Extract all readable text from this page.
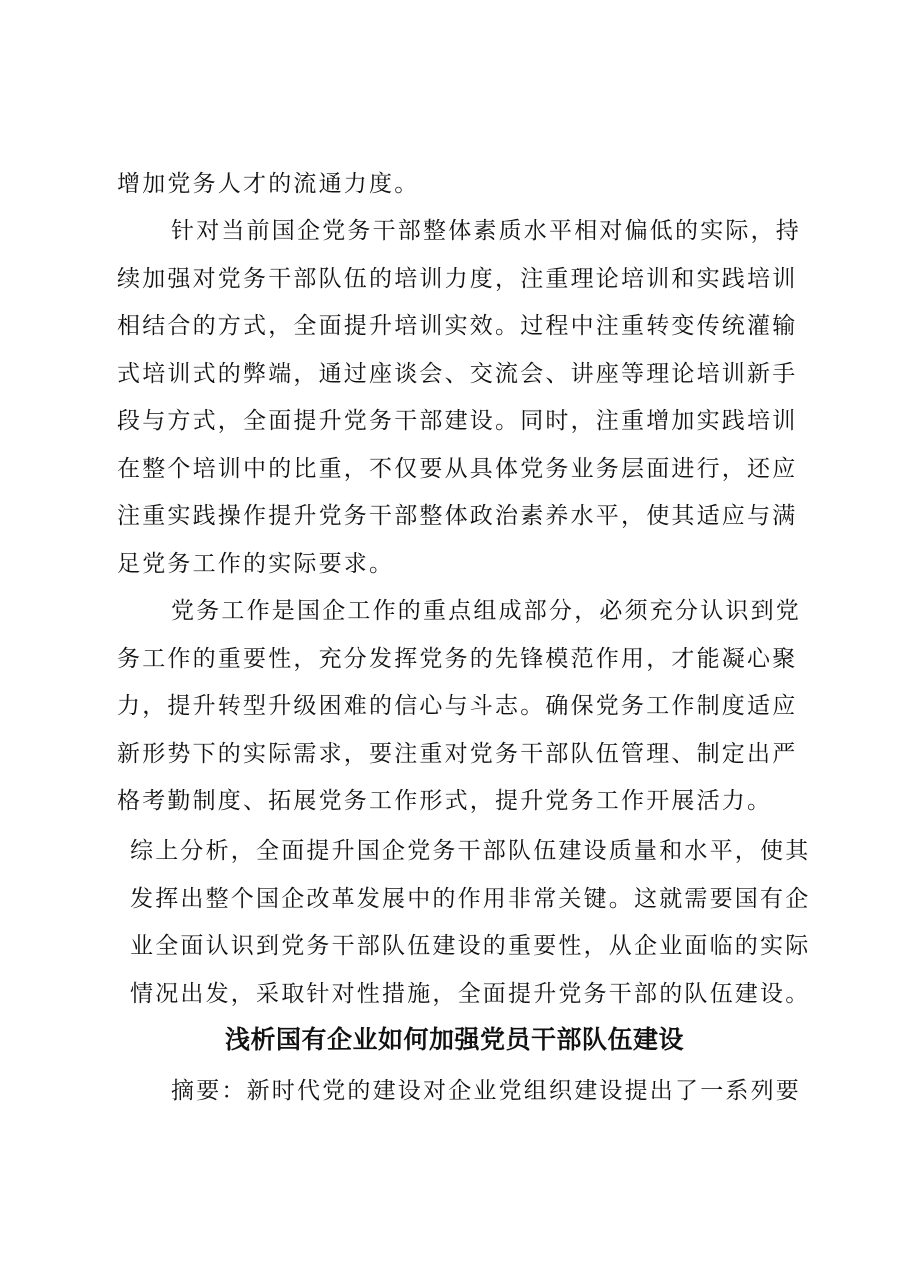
增加党务人才的流通力度。
针对当前国企党务干部整体素质水平相对偏低的实际，持
续加强对党务干部队伍的培训力度，注重理论培训和实践培训
相结合的方式，全面提升培训实效。过程中注重转变传统灌输
式培训式的弊端，通过座谈会、交流会、讲座等理论培训新手
段与方式，全面提升党务干部建设。同时，注重增加实践培训
在整个培训中的比重，不仅要从具体党务业务层面进行，还应
注重实践操作提升党务干部整体政治素养水平，使其适应与满
足党务工作的实际要求。
党务工作是国企工作的重点组成部分，必须充分认识到党
务工作的重要性，充分发挥党务的先锋模范作用，才能凝心聚
力，提升转型升级困难的信心与斗志。确保党务工作制度适应
新形势下的实际需求，要注重对党务干部队伍管理、制定出严
格考勤制度、拓展党务工作形式，提升党务工作开展活力。
综上分析，全面提升国企党务干部队伍建设质量和水平，使其
发挥出整个国企改革发展中的作用非常关键。这就需要国有企
业全面认识到党务干部队伍建设的重要性，从企业面临的实际
情况出发，采取针对性措施，全面提升党务干部的队伍建设。
浅析国有企业如何加强党员干部队伍建设
摘要：新时代党的建设对企业党组织建设提出了一系列要
